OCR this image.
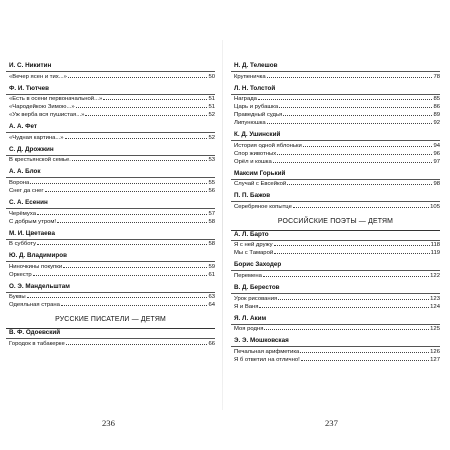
И. С. Никитин
«Вечер ясен и тих...»	50
Ф. И. Тютчев
«Есть в осени первоначальной...»	51
«Чародейкою Зимою...»	51
«Уж верба вся пушистая...»	52
А. А. Фет
«Чудная картина...»	52
С. Д. Дрожжин
В крестьянской семье.	53
А. А. Блок
Ворона	55
Снег да снег	56
С. А. Есенин
Черёмуха	57
С добрым утром!	58
М. И. Цветаева
В субботу	58
Ю. Д. Владимиров
Ниночкины покупки	59
Оркестр	61
О. Э. Мандельштам
Буквы	63
Одеяльная страна	64
РУССКИЕ ПИСАТЕЛИ — ДЕТЯМ
В. Ф. Одоевский
Городок в табакерке	66
Н. Д. Телешов
Крупеничка	78
Л. Н. Толстой
Награда	85
Царь и рубашка	86
Праведный судья	89
Липунюшка	92
К. Д. Ушинский
История одной яблоньки	94
Спор животных	96
Орёл и кошка	97
Максим Горький
Случай с Евсейкой	98
П. П. Бажов
Серебряное копытце	105
РОССИЙСКИЕ ПОЭТЫ — ДЕТЯМ
А. Л. Барто
Я с ней дружу	118
Мы с Тамарой	119
Борис Заходер
Перемена	122
В. Д. Берестов
Урок рисования	123
Я и Ваня	124
Я. Л. Аким
Моя родня	125
Э. Э. Мошковская
Печальная арифметика	126
Я б ответил на отлично!	127
236	237
